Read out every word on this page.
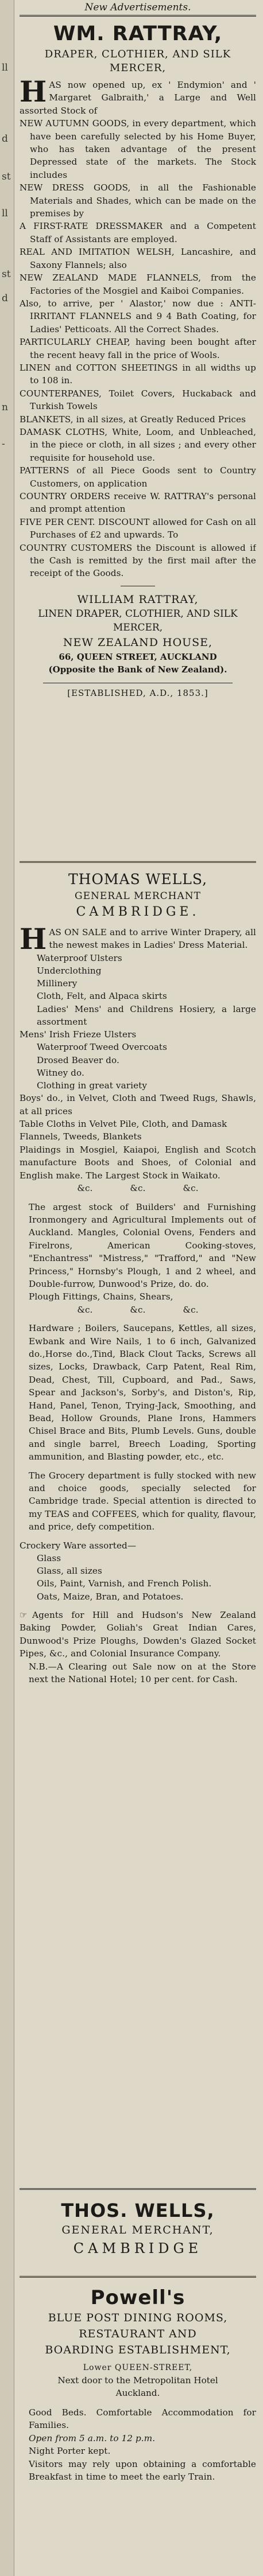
ll
d
st
ll
st
d
n
-
New Advertisements.
WM. RATTRAY,
DRAPER, CLOTHIER, AND SILK MERCER,

HAS now opened up, ex ' Endymion' and ' Margaret Galbraith,' a Large and Well assorted Stock of

NEW AUTUMN GOODS, in every department, which have been carefully selected by his Home Buyer, who has taken advantage of the present Depressed state of the markets. The Stock includes

NEW DRESS GOODS, in all the Fashionable Materials and Shades, which can be made on the premises by

A FIRST-RATE DRESSMAKER and a Competent Staff of Assistants are employed.

REAL AND IMITATION WELSH, Lancashire, and Saxony Flannels; also

NEW ZEALAND MADE FLANNELS, from the Factories of the Mosgiel and Kaiboi Companies.

Also, to arrive, per ' Alastor,' now due : ANTI-IRRITANT FLANNELS and 9 4 Bath Coating, for Ladies' Petticoats. All the Correct Shades.

PARTICULARLY CHEAP, having been bought after the recent heavy fall in the price of Wools.

LINEN and COTTON SHEETINGS in all widths up to 108 in.

COUNTERPANES, Toilet Covers, Huckaback and Turkish Towels

BLANKETS, in all sizes, at Greatly Reduced Prices

DAMASK CLOTHS, White, Loom, and Unbleached, in the piece or cloth, in all sizes ; and every other requisite for household use.

PATTERNS of all Piece Goods sent to Country Customers, on application

COUNTRY ORDERS receive W. RATTRAY's personal and prompt attention

FIVE PER CENT. DISCOUNT allowed for Cash on all Purchases of £2 and upwards. To

COUNTRY CUSTOMERS the Discount is allowed if the Cash is remitted by the first mail after the receipt of the Goods.

WILLIAM RATTRAY,
LINEN DRAPER, CLOTHIER, AND SILK MERCER,
NEW ZEALAND HOUSE,
66, QUEEN STREET, AUCKLAND
(Opposite the Bank of New Zealand).
[ESTABLISHED, A.D., 1853.]
THOMAS WELLS,
GENERAL MERCHANT
CAMBRIDGE.

HAS ON SALE and to arrive Winter Drapery, all the newest makes in Ladies' Dress Material.

Waterproof Ulsters

Underclothing

Millinery

Cloth, Felt, and Alpaca skirts

Ladies' Mens' and Childrens Hosiery, a large assortment

Mens' Irish Frieze Ulsters

Waterproof Tweed Overcoats

Drosed Beaver do.

Witney do.

Clothing in great variety

Boys' do., in Velvet, Cloth and Tweed Rugs, Shawls, at all prices

Table Cloths in Velvet Pile, Cloth, and Damask

Flannels, Tweeds, Blankets

Plaidings in Mosgiel, Kaiapoi, English and Scotch manufacture Boots and Shoes, of Colonial and English make. The Largest Stock in Waikato.

&c.	&c.	&c.

The argest stock of Builders' and Furnishing Ironmongery and Agricultural Implements out of Auckland. Mangles, Colonial Ovens, Fenders and Firelrons, American Cooking-stoves, "Enchantress" "Mistress," "Trafford," and "New Princess," Hornsby's Plough, 1 and 2 wheel, and Double-furrow, Dunwood's Prize, do. do.

Plough Fittings, Chains, Shears,

&c.	&c.	&c.

Hardware ; Boilers, Saucepans, Kettles, all sizes, Ewbank and Wire Nails, 1 to 6 inch, Galvanized do.,Horse do.,Tind, Black Clout Tacks, Screws all sizes, Locks, Drawback, Carp Patent, Real Rim, Dead, Chest, Till, Cupboard, and Pad., Saws, Spear and Jackson's, Sorby's, and Diston's, Rip, Hand, Panel, Tenon, Trying-Jack, Smoothing, and Bead, Hollow Grounds, Plane Irons, Hammers Chisel Brace and Bits, Plumb Levels. Guns, double and single barrel, Breech Loading, Sporting ammunition, and Blasting powder, etc., etc.

The Grocery department is fully stocked with new and choice goods, specially selected for Cambridge trade. Special attention is directed to my TEAS and COFFEES, which for quality, flavour, and price, defy competition.

Crockery Ware assorted—

Glass

Glass, all sizes

Oils, Paint, Varnish, and French Polish.

Oats, Maize, Bran, and Potatoes.

☞ Agents for Hill and Hudson's New Zealand Baking Powder, Goliah's Great Indian Cares, Dunwood's Prize Ploughs, Dowden's Glazed Socket Pipes, &c., and Colonial Insurance Company.

N.B.—A Clearing out Sale now on at the Store next the National Hotel; 10 per cent. for Cash.

THOS. WELLS,
GENERAL MERCHANT,
CAMBRIDGE
Powell's
BLUE POST DINING ROOMS,
RESTAURANT AND
BOARDING ESTABLISHMENT,
Lower QUEEN-STREET,
Next door to the Metropolitan Hotel Auckland.

Good Beds. Comfortable Accommodation for Families.

Open from 5 a.m. to 12 p.m.

Night Porter kept.

Visitors may rely upon obtaining a comfortable Breakfast in time to meet the early Train.
